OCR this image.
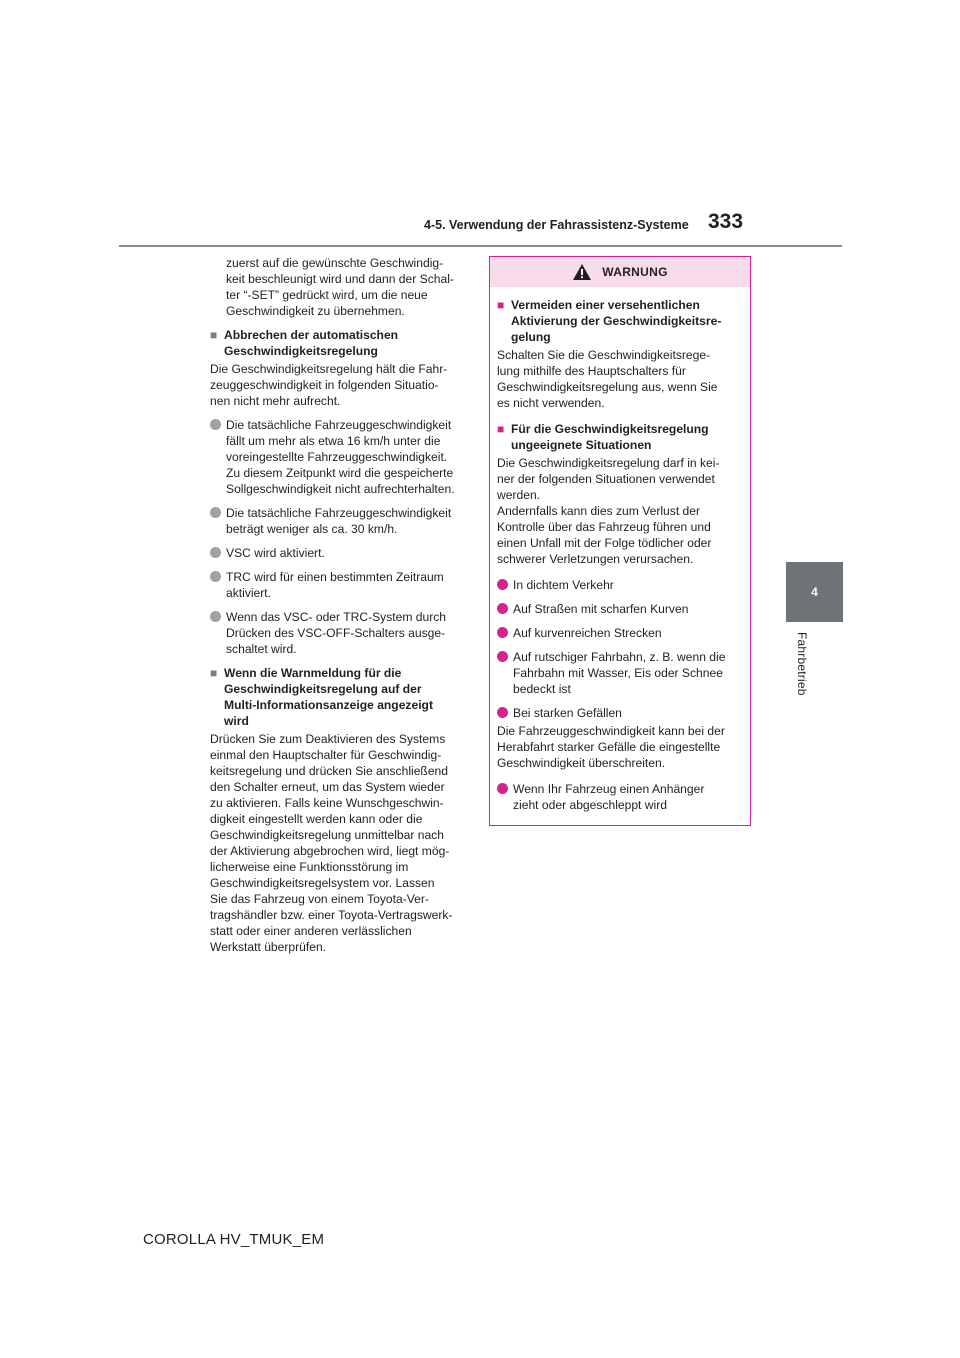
4-5. Verwendung der Fahrassistenz-Systeme 333
4
Fahrbetrieb

zuerst auf die gewünschte Geschwindig-
keit beschleunigt wird und dann der Schal-
ter “-SET” gedrückt wird, um die neue
Geschwindigkeit zu übernehmen.

■ Abbrechen der automatischen
Geschwindigkeitsregelung

Die Geschwindigkeitsregelung hält die Fahr-
zeuggeschwindigkeit in folgenden Situatio-
nen nicht mehr aufrecht.

Die tatsächliche Fahrzeuggeschwindigkeit
fällt um mehr als etwa 16 km/h unter die
voreingestellte Fahrzeuggeschwindigkeit.
Zu diesem Zeitpunkt wird die gespeicherte
Sollgeschwindigkeit nicht aufrechterhalten.
Die tatsächliche Fahrzeuggeschwindigkeit
beträgt weniger als ca. 30 km/h.
VSC wird aktiviert.
TRC wird für einen bestimmten Zeitraum
aktiviert.
Wenn das VSC- oder TRC-System durch
Drücken des VSC-OFF-Schalters ausge-
schaltet wird.
■ Wenn die Warnmeldung für die
Geschwindigkeitsregelung auf der
Multi-Informationsanzeige angezeigt
wird

Drücken Sie zum Deaktivieren des Systems
einmal den Hauptschalter für Geschwindig-
keitsregelung und drücken Sie anschließend
den Schalter erneut, um das System wieder
zu aktivieren. Falls keine Wunschgeschwin-
digkeit eingestellt werden kann oder die
Geschwindigkeitsregelung unmittelbar nach
der Aktivierung abgebrochen wird, liegt mög-
licherweise eine Funktionsstörung im
Geschwindigkeitsregelsystem vor. Lassen
Sie das Fahrzeug von einem Toyota-Ver-
tragshändler bzw. einer Toyota-Vertragswerk-
statt oder einer anderen verlässlichen
Werkstatt überprüfen.

WARNUNG
■ Vermeiden einer versehentlichen
Aktivierung der Geschwindigkeitsre-
gelung

Schalten Sie die Geschwindigkeitsrege-
lung mithilfe des Hauptschalters für
Geschwindigkeitsregelung aus, wenn Sie
es nicht verwenden.

■ Für die Geschwindigkeitsregelung
ungeeignete Situationen

Die Geschwindigkeitsregelung darf in kei-
ner der folgenden Situationen verwendet
werden.
Andernfalls kann dies zum Verlust der
Kontrolle über das Fahrzeug führen und
einen Unfall mit der Folge tödlicher oder
schwerer Verletzungen verursachen.

In dichtem Verkehr
Auf Straßen mit scharfen Kurven
Auf kurvenreichen Strecken
Auf rutschiger Fahrbahn, z. B. wenn die
Fahrbahn mit Wasser, Eis oder Schnee
bedeckt ist
Bei starken Gefällen

Die Fahrzeuggeschwindigkeit kann bei der
Herabfahrt starker Gefälle die eingestellte
Geschwindigkeit überschreiten.

Wenn Ihr Fahrzeug einen Anhänger
zieht oder abgeschleppt wird
COROLLA HV_TMUK_EM
